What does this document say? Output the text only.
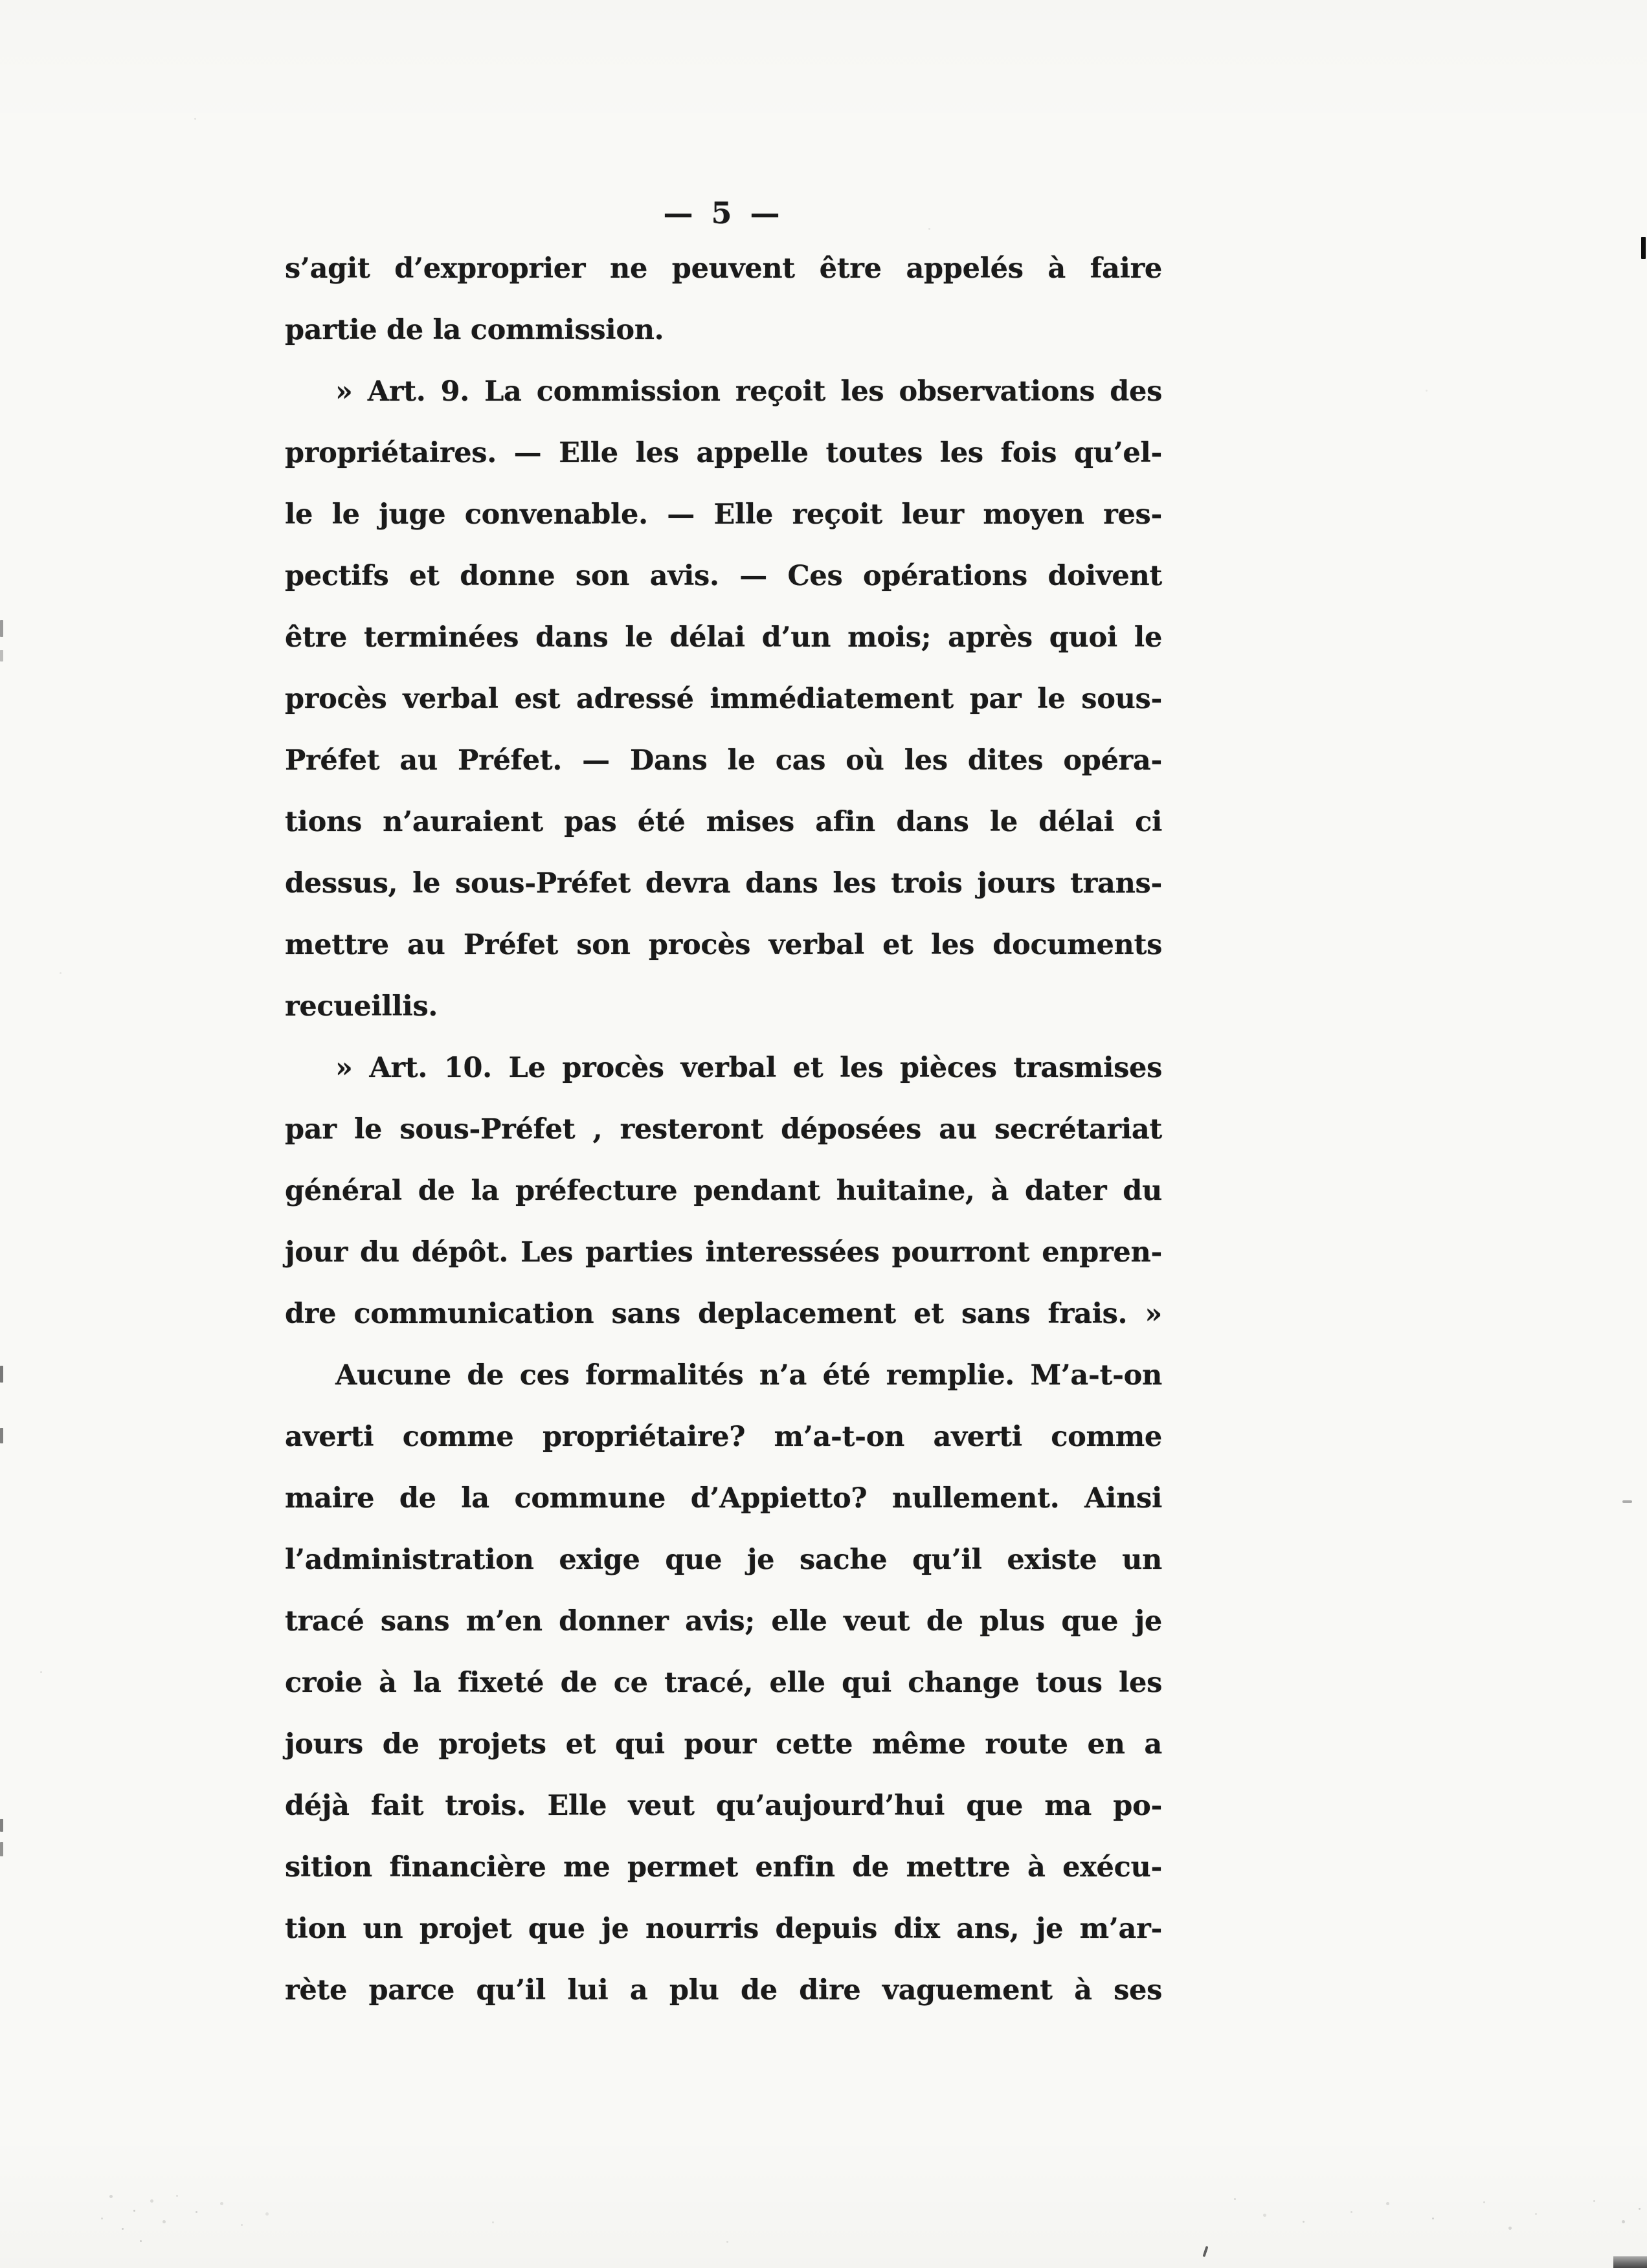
— 5 —
s’agit d’exproprier ne peuvent être appelés à faire
partie de la commission.
» Art. 9. La commission reçoit les observations des
propriétaires. — Elle les appelle toutes les fois qu’el-
le le juge convenable. — Elle reçoit leur moyen res-
pectifs et donne son avis. — Ces opérations doivent
être terminées dans le délai d’un mois; après quoi le
procès verbal est adressé immédiatement par le sous-
Préfet au Préfet. — Dans le cas où les dites opéra-
tions n’auraient pas été mises afin dans le délai ci
dessus, le sous-Préfet devra dans les trois jours trans-
mettre au Préfet son procès verbal et les documents
recueillis.
» Art. 10. Le procès verbal et les pièces trasmises
par le sous-Préfet , resteront déposées au secrétariat
général de la préfecture pendant huitaine, à dater du
jour du dépôt. Les parties interessées pourront enpren-
dre communication sans deplacement et sans frais. »
Aucune de ces formalités n’a été remplie. M’a-t-on
averti comme propriétaire? m’a-t-on averti comme
maire de la commune d’Appietto? nullement. Ainsi
l’administration exige que je sache qu’il existe un
tracé sans m’en donner avis; elle veut de plus que je
croie à la fixeté de ce tracé, elle qui change tous les
jours de projets et qui pour cette même route en a
déjà fait trois. Elle veut qu’aujourd’hui que ma po-
sition financière me permet enfin de mettre à exécu-
tion un projet que je nourris depuis dix ans, je m’ar-
rète parce qu’il lui a plu de dire vaguement à ses
